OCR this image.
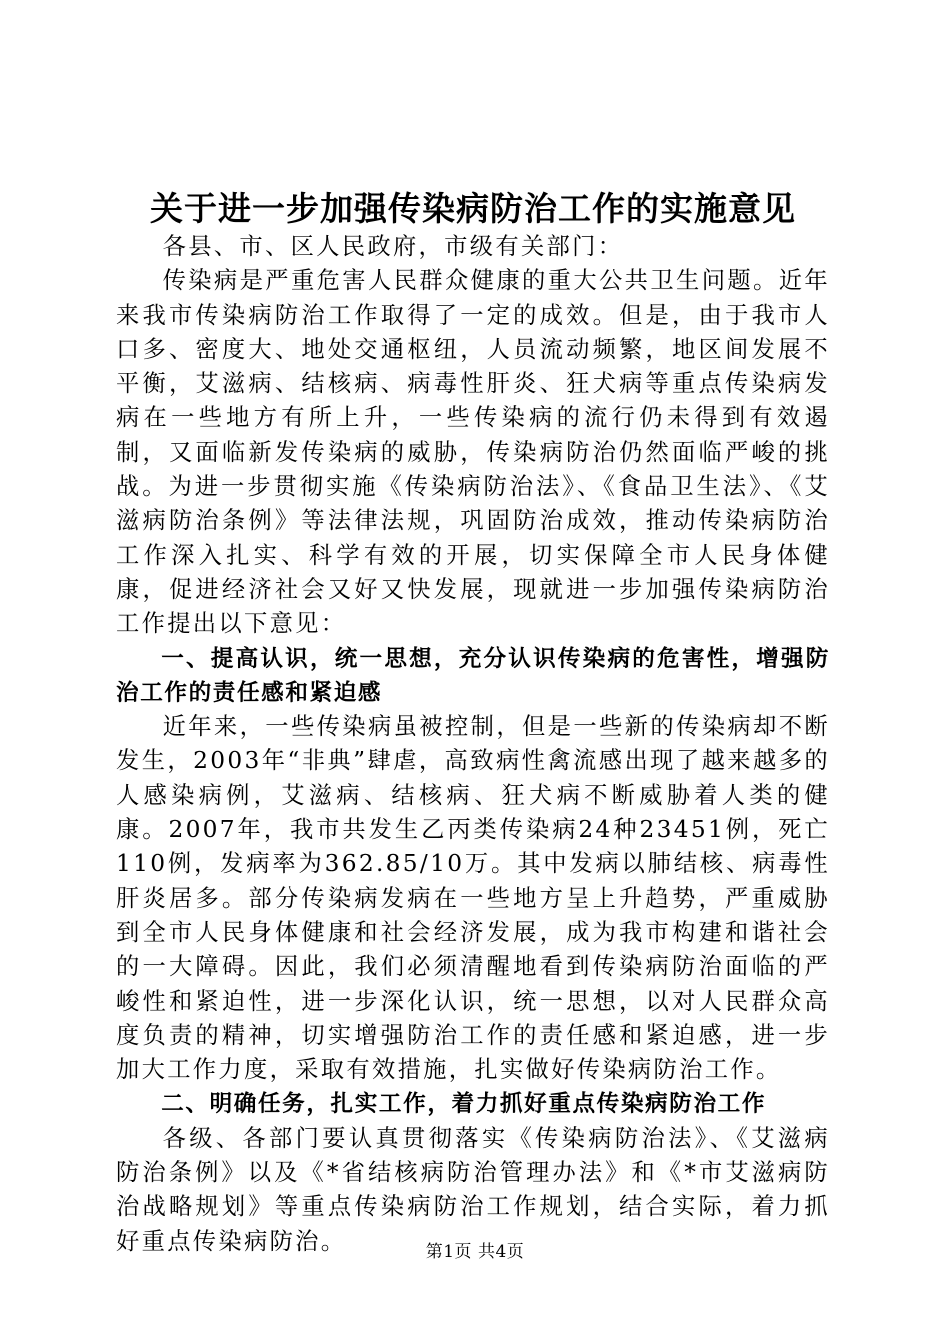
关于进一步加强传染病防治工作的实施意见

各县、市、区人民政府，市级有关部门：

传染病是严重危害人民群众健康的重大公共卫生问题。近年来我市传染病防治工作取得了一定的成效。但是，由于我市人口多、密度大、地处交通枢纽，人员流动频繁，地区间发展不平衡，艾滋病、结核病、病毒性肝炎、狂犬病等重点传染病发病在一些地方有所上升，一些传染病的流行仍未得到有效遏制，又面临新发传染病的威胁，传染病防治仍然面临严峻的挑战。为进一步贯彻实施《传染病防治法》、《食品卫生法》、《艾滋病防治条例》等法律法规，巩固防治成效，推动传染病防治工作深入扎实、科学有效的开展，切实保障全市人民身体健康，促进经济社会又好又快发展，现就进一步加强传染病防治工作提出以下意见：

一、提高认识，统一思想，充分认识传染病的危害性，增强防治工作的责任感和紧迫感

近年来，一些传染病虽被控制，但是一些新的传染病却不断发生，2003年“非典”肆虐，高致病性禽流感出现了越来越多的人感染病例，艾滋病、结核病、狂犬病不断威胁着人类的健康。2007年，我市共发生乙丙类传染病24种23451例，死亡110例，发病率为362.85/10万。其中发病以肺结核、病毒性肝炎居多。部分传染病发病在一些地方呈上升趋势，严重威胁到全市人民身体健康和社会经济发展，成为我市构建和谐社会的一大障碍。因此，我们必须清醒地看到传染病防治面临的严峻性和紧迫性，进一步深化认识，统一思想，以对人民群众高度负责的精神，切实增强防治工作的责任感和紧迫感，进一步加大工作力度，采取有效措施，扎实做好传染病防治工作。

二、明确任务，扎实工作，着力抓好重点传染病防治工作

各级、各部门要认真贯彻落实《传染病防治法》、《艾滋病防治条例》以及《*省结核病防治管理办法》和《*市艾滋病防治战略规划》等重点传染病防治工作规划，结合实际，着力抓好重点传染病防治。	第1页 共4页
